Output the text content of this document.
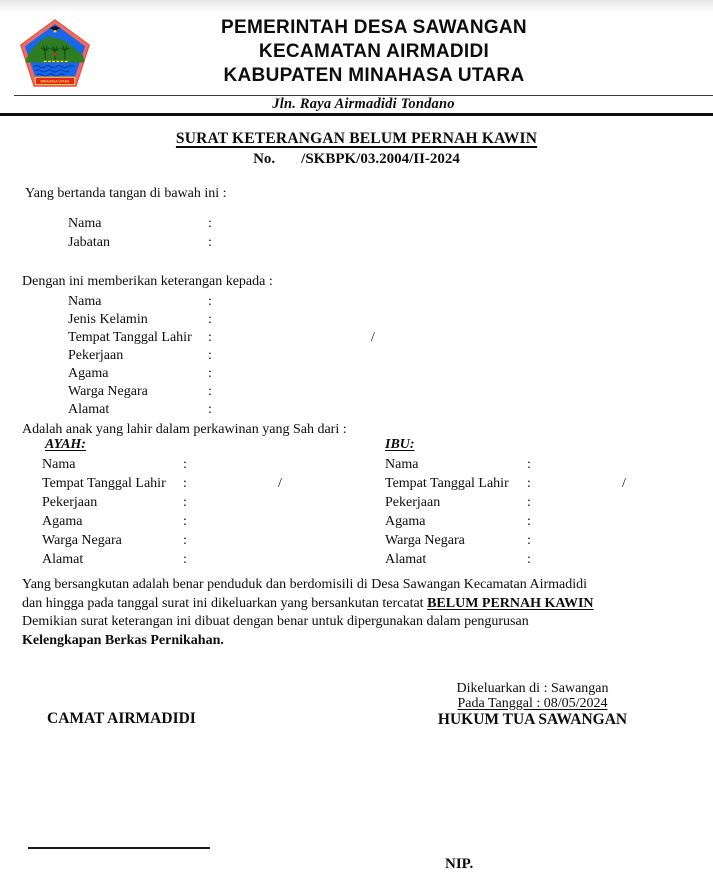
MINAHASA UTARA
PEMERINTAH DESA SAWANGAN
KECAMATAN AIRMADIDI
KABUPATEN MINAHASA UTARA
Jln. Raya Airmadidi Tondano
SURAT KETERANGAN BELUM PERNAH KAWIN
No. /SKBPK/03.2004/II-2024
Yang bertanda tangan di bawah ini :
Nama	:
Jabatan	:
Dengan ini memberikan keterangan kepada :
Nama	:
Jenis Kelamin	:
Tempat Tanggal Lahir	:	/
Pekerjaan	:
Agama	:
Warga Negara	:
Alamat	:
Adalah anak yang lahir dalam perkawinan yang Sah dari :
AYAH:
Nama	:
Tempat Tanggal Lahir	:	/
Pekerjaan	:
Agama	:
Warga Negara	:
Alamat	:
IBU:
Nama	:
Tempat Tanggal Lahir	:	/
Pekerjaan	:
Agama	:
Warga Negara	:
Alamat	:
Yang bersangkutan adalah benar penduduk dan berdomisili di Desa Sawangan Kecamatan Airmadidi
dan hingga pada tanggal surat ini dikeluarkan yang bersankutan tercatat BELUM PERNAH KAWIN
Demikian surat keterangan ini dibuat dengan benar untuk dipergunakan dalam pengurusan
Kelengkapan Berkas Pernikahan.
Dikeluarkan di : Sawangan
Pada Tanggal : 08/05/2024
HUKUM TUA SAWANGAN
CAMAT AIRMADIDI
NIP.
